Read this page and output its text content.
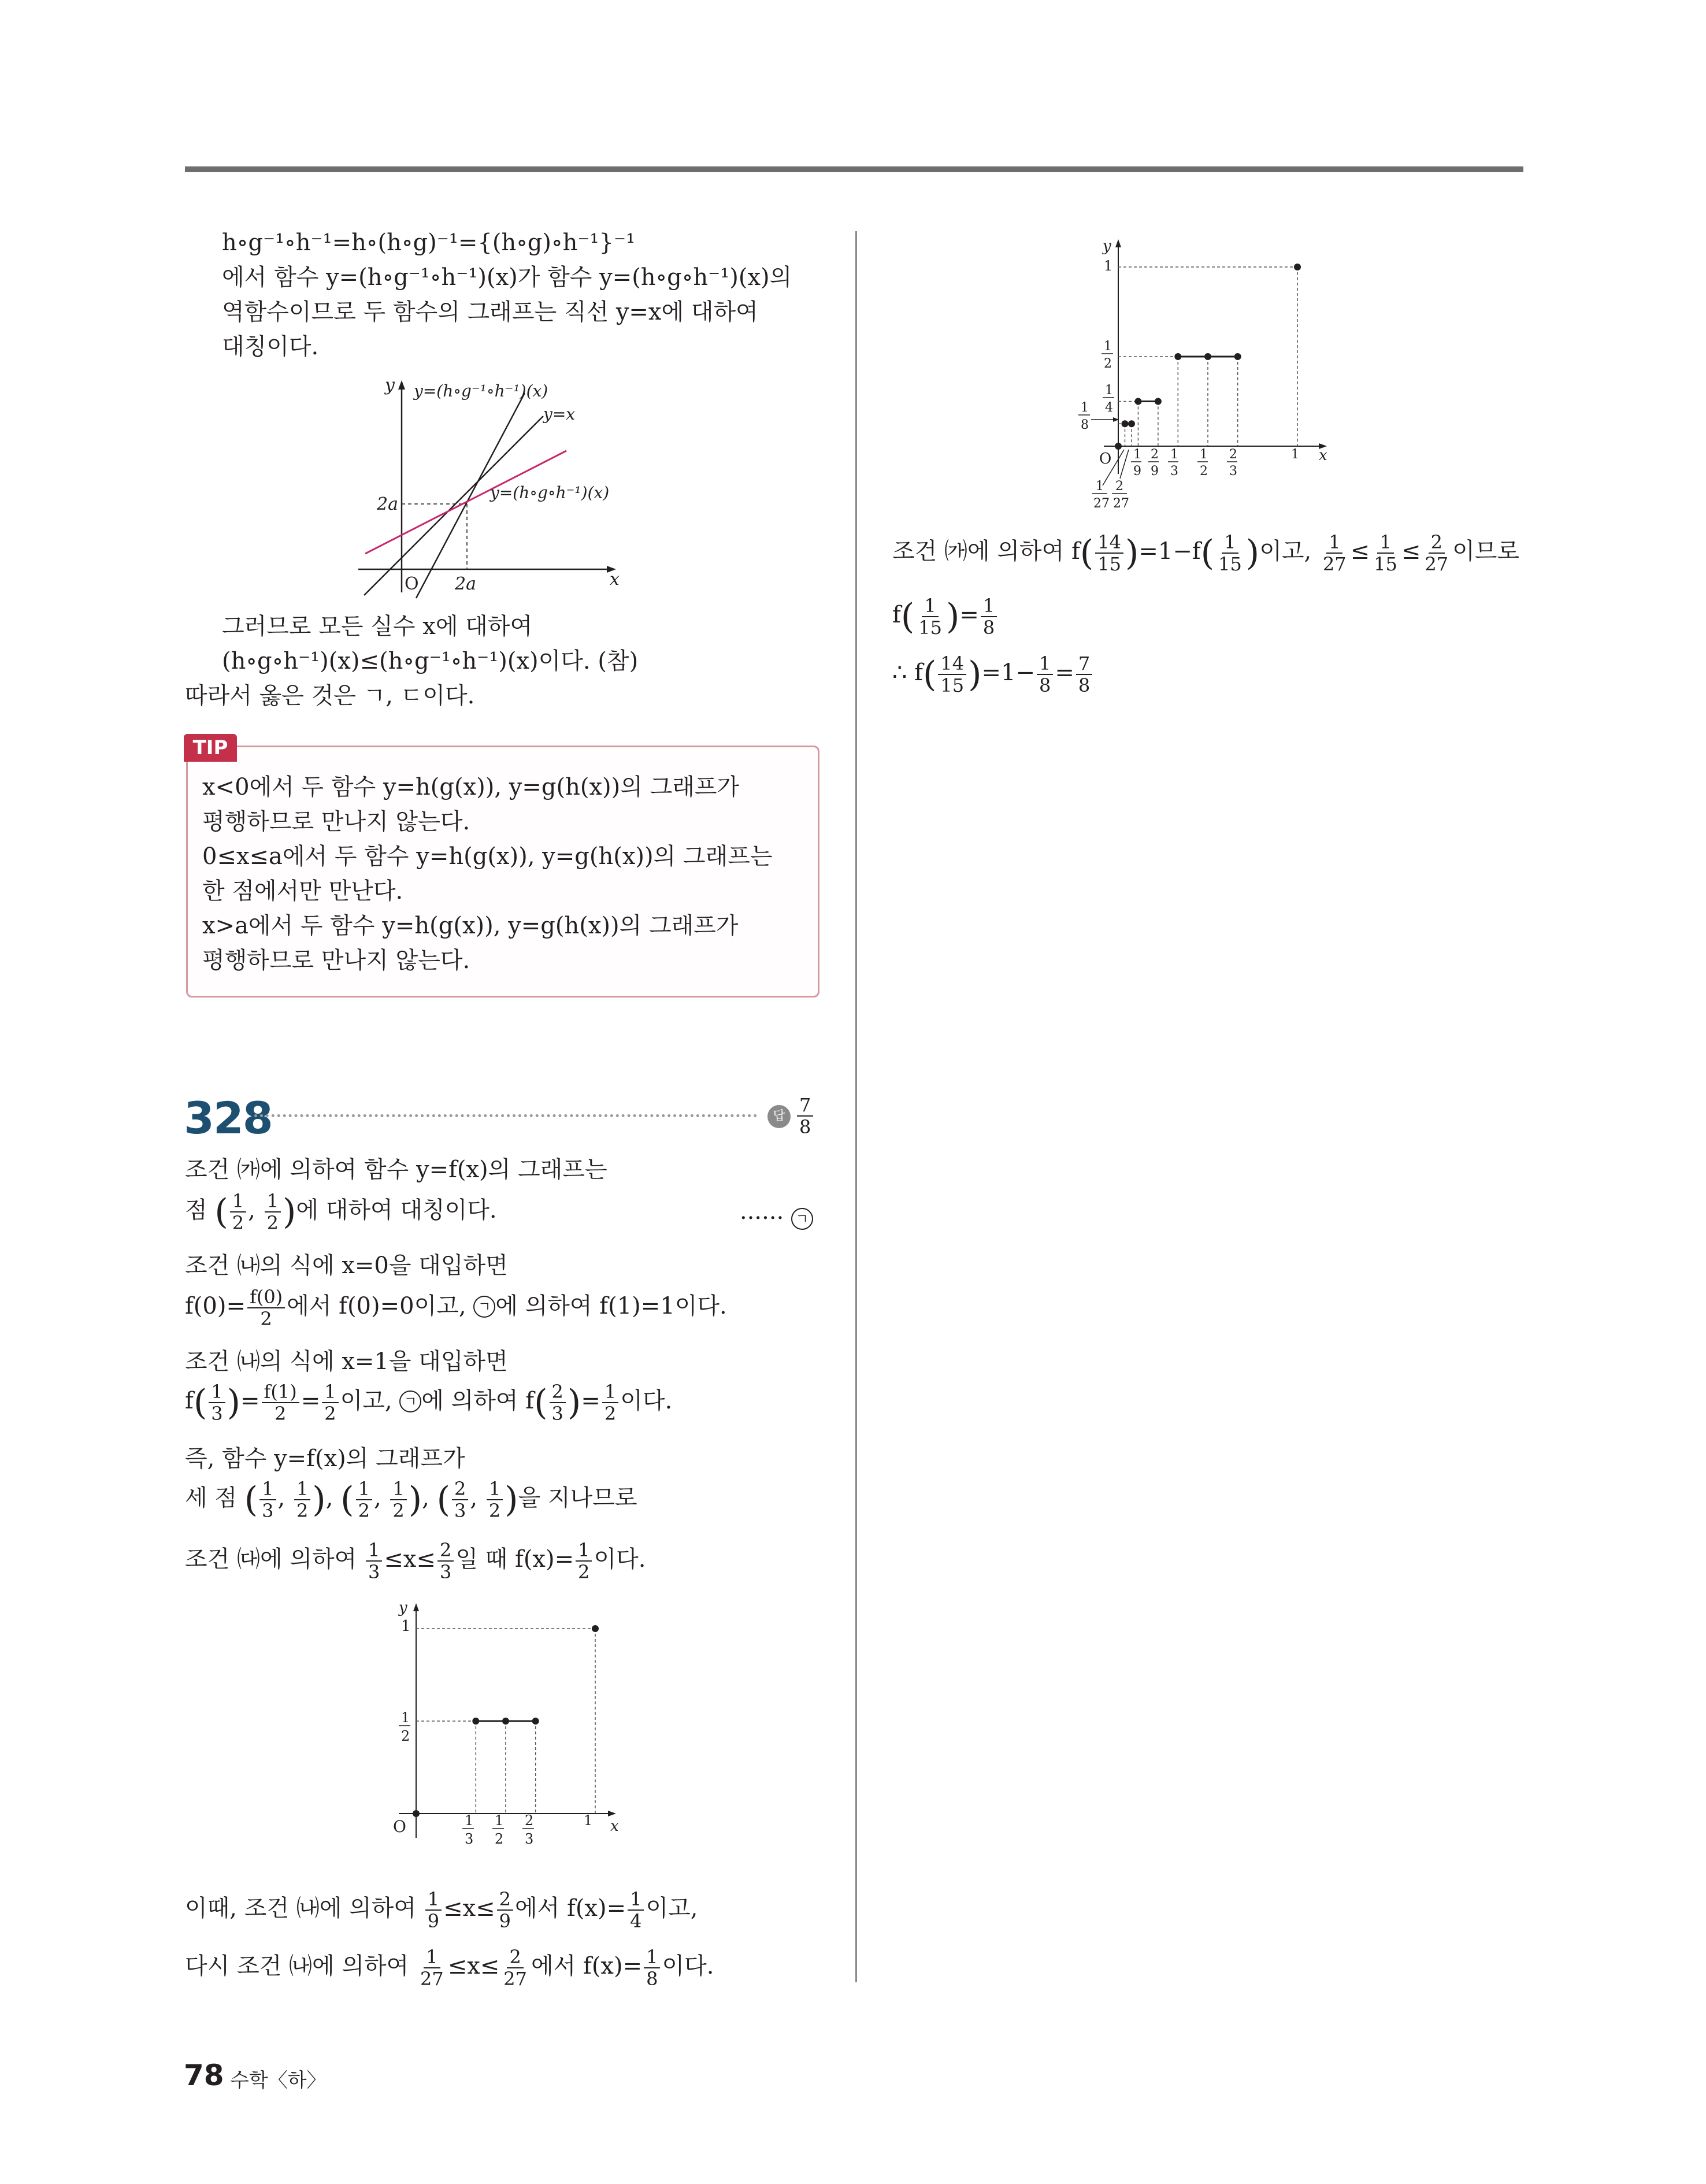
h∘g⁻¹∘h⁻¹=h∘(h∘g)⁻¹={(h∘g)∘h⁻¹}⁻¹
에서 함수 y=(h∘g⁻¹∘h⁻¹)(x)가 함수 y=(h∘g∘h⁻¹)(x)의
역함수이므로 두 함수의 그래프는 직선 y=x에 대하여
대칭이다.
y
x
O
2a
2a
y=(h∘g⁻¹∘h⁻¹)(x)
y=x
y=(h∘g∘h⁻¹)(x)
그러므로 모든 실수 x에 대하여
(h∘g∘h⁻¹)(x)≤(h∘g⁻¹∘h⁻¹)(x)이다. (참)
따라서 옳은 것은 ㄱ, ㄷ이다.
TIP
x<0에서 두 함수 y=h(g(x)), y=g(h(x))의 그래프가
평행하므로 만나지 않는다.
0≤x≤a에서 두 함수 y=h(g(x)), y=g(h(x))의 그래프는
한 점에서만 만난다.
x>a에서 두 함수 y=h(g(x)), y=g(h(x))의 그래프가
평행하므로 만나지 않는다.
328	답 $\frac{7}{8}$
조건 ㈎에 의하여 함수 y=f(x)의 그래프는
점 ( $\frac{1}{2}$ , $\frac{1}{2}$ )에 대하여 대칭이다.	······ ㄱ
조건 ㈏의 식에 x=0을 대입하면
$f(0)= \frac{f(0)}{2}$ 에서 f(0)=0이고, ㄱ 에 의하여 f(1)=1이다.
조건 ㈏의 식에 x=1을 대입하면
$f( \frac{1}{3}$ )= $\frac{f(1)}{2} = \frac{1}{2}$ 이고, ㄱ 에 의하여 $f( \frac{2}{3}$ )= $\frac{1}{2}$ 이다.
즉, 함수 y=f(x)의 그래프가
세 점 ( $\frac{1}{3}$ , $\frac{1}{2}$ ), ( $\frac{1}{2}$ , $\frac{1}{2}$ ), ( $\frac{2}{3}$ , $\frac{1}{2}$ )을 지나므로
조건 ㈐에 의하여 $\frac{1}{3} \le x\le \frac{2}{3}$ 일 때 $f(x)= \frac{1}{2}$ 이다.
y
x
O
1
1
2
1
3
1
2
2
3
1
이때, 조건 ㈏에 의하여 $\frac{1}{9} \le x\le \frac{2}{9}$ 에서 $f(x)= \frac{1}{4}$ 이고,
다시 조건 ㈏에 의하여 $\frac{1}{27} \le x\le \frac{2}{27}$ 에서 $f(x)= \frac{1}{8}$ 이다.
y
x
O
1
1
2
1
4
1
8
1
9
2
9
1
3
1
2
2
3
1
1
27
2
27
조건 ㈎에 의하여 $f( \frac{14}{15} )=1-f( \frac{1}{15}$ )이고, $\frac{1}{27} \le \frac{1}{15} \le \frac{2}{27}$ 이므로
$f( \frac{1}{15}$ )= $\frac{1}{8}$
∴ $f( \frac{14}{15} )=1- \frac{1}{8} = \frac{7}{8}$
78 수학〈하〉
